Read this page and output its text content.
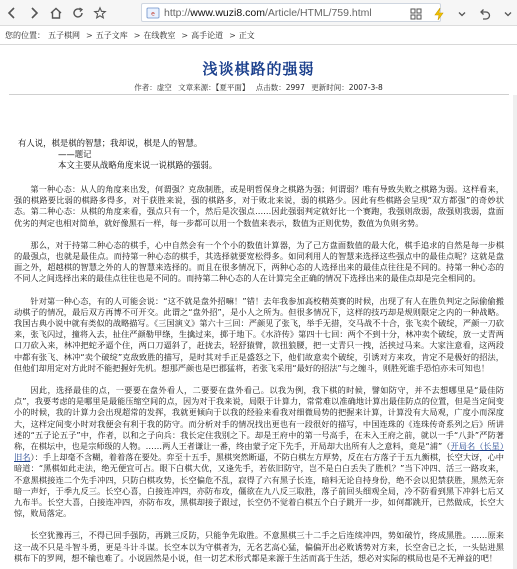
e http://www.wuzi8.com/Article/HTML/759.html
您的位置： 五子棋网 > 五子文库 > 在线教室 > 高手论道 > 正文
浅谈棋路的强弱
作者：虚空 文章来源：【夏平面】 点击数：2997 更新时间：2007-3-8

有人说，棋是棋的智慧；我却说，棋是人的智慧。

——题记

本文主要从战略角度来说一说棋路的强弱。

第一种心态：从人的角度来出发，何谓强？克敌制胜，或是明哲保身之棋路为强；何谓弱？唯有导致失败之棋路为弱。这样看来，强的棋路要比弱的棋路多得多，对于获胜来说，强的棋路多，对于败北来说，弱的棋路少。因此有些棋路会呈现“双方都强”的奇妙状态。第二种心态：从棋的角度来看，强点只有一个，然后是次强点……因此强弱判定就好比一个赛跑，我强则敌弱，敌强则我弱，盘面优劣的判定也相对简单，就好像黑石一样，每一步都可以用一个数值来表示，数值为正则优势，数值为负则劣势。

那么，对于持第二种心态的棋手，心中自然会有一个个小的数值计算器，为了己方盘面数值的最大化，棋手追求的自然是每一步棋的最强点，也就是最佳点。而持第一种心态的棋手，其选择就要宽松得多。如同利用人的智慧来选择这些强点中的最佳点呢？这就是盘面之外，超越棋的智慧之外的人的智慧来选择的。而且在很多情况下，两种心态的人选择出来的最佳点往往是不同的。持第一种心态的不同人之间选择出来的最佳点往往也是不同的。而持第二种心态的人在计算完全正确的情况下选择出来的最佳点却是完全相同的。

针对第一种心态，有的人可能会说：“这不就是盘外招嘛！”错！去年我参加高校精英赛的时候，出现了有人在胜负判定之际偷偷搬动棋子的情况，最后双方再博不可开交。此谓之“盘外招”，是小人之所为。但很多情况下，这样的技巧却是规则限定之内的一种战略。我国古典小说中就有类似的战略描写。《三国演义》第六十三回：严颜见了张飞，举手无措，交马战不十合，张飞卖个破绽，严颜一刀砍来，张飞闪过，撞将入去，扯住严颜勒甲绦，生擒过来，掷于地下。《水浒传》第四十七回：两个不到十分，林冲卖个破绽，放一丈青两口刀砍入来，林冲把蛇矛逼个住，两口刀逼斜了，赶拢去，轻舒猿臂，款扭狼腰，把一丈青只一拽，活挟过马来。大家注意看，这两段中都有张飞、林冲“卖个破绽”克敌致胜的描写，是时其对手正是盛怒之下，他们故意卖个破绽，引诱对方来攻，肯定不是极好的招法，但他们却用定对方此时不能把握好先机。想那严颜也是巴郡猛将，若张飞采用“最好的招法”与之缠斗，则胜死谁手恐怕亦未可知也！

因此，选择最佳的点，一要要在盘外看人，二要要在盘外看己。以我为例，我下棋的时候，譬如防守，并不去想哪里是“最佳防点”，我要考虑的是哪里是最能压缩空间的点，因为对于我来说，局限于计算力，常常难以准确地计算出最佳防点的位置，但是当定间变小的时候，我的计算力会出现超常的发挥，我就更倾向于以我的经验来看我对细微局势的把握来计算，计算没有大局观，广度小而深度大，这样定间变小时对我便会有利于我的防守。而分析对手的情况找出更也有一段很好的描写，中国连珠的《连珠传奇系列之后》所讲述的“五子论五子”中，作者，以和之子向兵：我长定住我别之下。却是王府中的第一号高手，在未入王府之前，就以一手“八卦”严防著称，在棋坛中，也是宗师级的人物。……两人王者谦让一番，终由蒙子定下先手，开局却大出所有人之意料，竟是“浦”（开局名（长星）旧名）：手上却毫不含糊，着着落在要处。弈至十五手，黑棋突然断逼，不防白棋左方厚势，反在右方落子于五九衡棋，长空大讶，心中暗道：“黑棋如此走法，绝无便宜可占。眼下白棋大优，又逢先手，若依旧防守，岂不是白白丢失了胜机？”当下冲四、活三一路攻来，不意黑棋接连二个先手冲四，只防白棋攻势，长空偏危不乱，寂得了六有黑子长连，暗料无论自持身份，绝不会以犯禁获胜，黑然无奈暗一声好，于季九反三。长空心喜，白接连冲四，亦防布攻，僵欲在九八反三取胜，落子前回头细观全局，冷不防看到黑下冲斜七后又九布半。长空大喜，白接连冲四，亦防布攻，黑棋却接子跟过，长空仍不觉着白棋五个白子跳开一步，如何都跳开，已然做成，长空大惊，败局落定。

长空犹豫再三，不得已回手强防，再跳三反防，只能争先取胜。不意黑棋三十二手之后连续冲四，势如破竹，终成黑胜。……原来这一战不只是斗智斗勇，更是斗计斗谋。长空本以为守棋者为，无名艺高心猛，偏偏开出必败诱势对方来，长空舍已之长，一头钻进黑棋布下的罗网，想不输也难了。小说固然是小说，但一切艺术形式都是来源于生活而高于生活，想必对实际的棋局也是不无禅益的吧！
